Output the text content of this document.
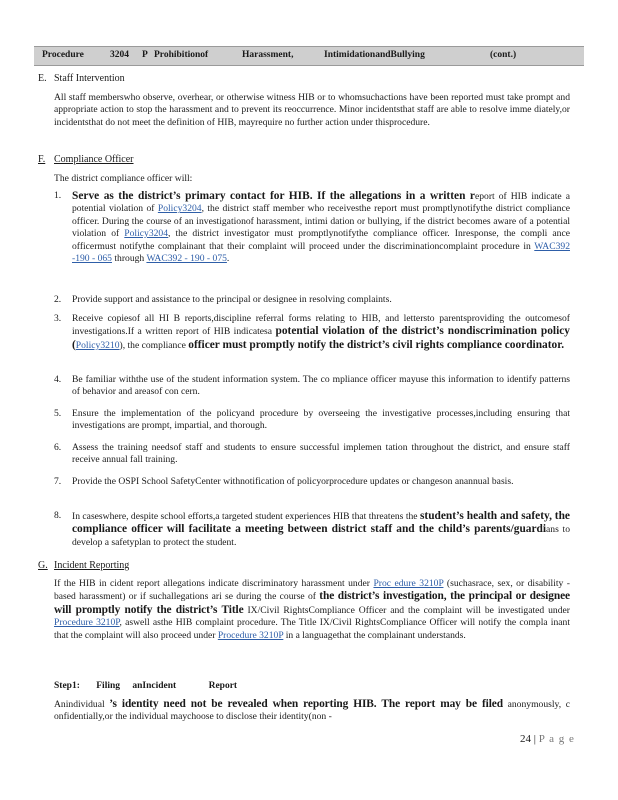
Procedure	3204 P Prohibitionof	Harassment,	IntimidationandBullying	(cont.)
E. Staff Intervention
All staff memberswho observe, overhear, or otherwise witness HIB or to whomsuchactions have been reported must take prompt and appropriate action to stop the harassment and to prevent its reoccurrence. Minor incidentsthat staff are able to resolve imme diately,or incidentsthat do not meet the definition of HIB, mayrequire no further action under thisprocedure.
F. Compliance Officer
The district compliance officer will:
1. Serve as the district’s primary contact for HIB. If the allegations in a written report of HIB indicate a potential violation of Policy3204, the district staff member who receivesthe report must promptlynotifythe district compliance officer. During the course of an investigationof harassment, intimi dation or bullying, if the district becomes aware of a potential violation of Policy3204, the district investigator must promptlynotifythe compliance officer. Inresponse, the compli ance officermust notifythe complainant that their complaint will proceed under the discriminationcomplaint procedure in WAC392 -190 - 065 through WAC392 - 190 - 075.
2.	Provide support and assistance to the principal or designee in resolving complaints.
3.	Receive copiesof all HI B reports,discipline referral forms relating to HIB, and lettersto parentsproviding the outcomesof investigations.If a written report of HIB indicatesa potential violation of the district’s nondiscrimination policy (Policy3210), the compliance officer must promptly notify the district’s civil rights compliance coordinator.
4.	Be familiar withthe use of the student information system. The co mpliance officer mayuse this information to identify patterns of behavior and areasof con cern.
5.	Ensure the implementation of the policyand procedure by overseeing the investigative processes,including ensuring that investigations are prompt, impartial, and thorough.
6.	Assess the training needsof staff and students to ensure successful implemen tation throughout the district, and ensure staff receive annual fall training.
7.	Provide the OSPI School SafetyCenter withnotification of policyorprocedure updates or changeson anannual basis.
8.	In caseswhere, despite school efforts,a targeted student experiences HIB that threatens the student’s health and safety, the compliance officer will facilitate a meeting between district staff and the child’s parents/guardians to develop a safetyplan to protect the student.
G. Incident Reporting
If the HIB in cident report allegations indicate discriminatory harassment under Proc edure 3210P (suchasrace, sex, or disability -based harassment) or if suchallegations ari se during the course of the district’s investigation, the principal or designee will promptly notify the district’s Title IX/Civil RightsCompliance Officer and the complaint will be investigated under Procedure 3210P, aswell asthe HIB complaint procedure. The Title IX/Civil RightsCompliance Officer will notify the compla inant that the complaint will also proceed under Procedure 3210P in a languagethat the complainant understands.
Step1: Filing anIncident	Report
Anindividual ’s identity need not be revealed when reporting HIB. The report may be filed anonymously, c onfidentially,or the individual maychoose to disclose their identity(non -
24 | P a g e
